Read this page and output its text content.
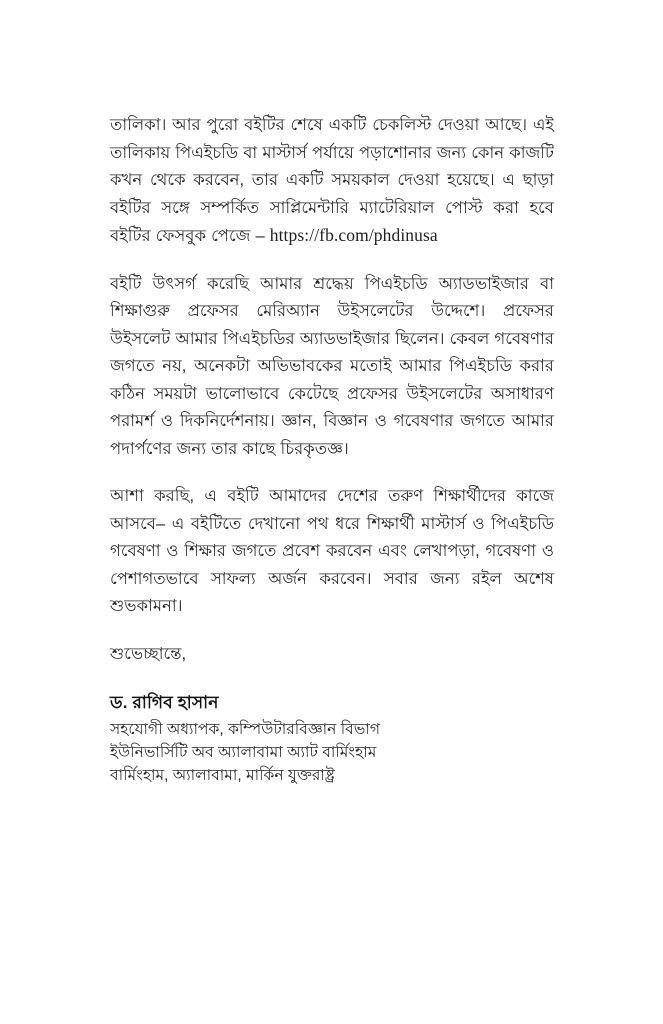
তালিকা। আর পুরো বইটির শেষে একটি চেকলিস্ট দেওয়া আছে। এই তালিকায় পিএইচডি বা মাস্টার্স পর্যায়ে পড়াশোনার জন্য কোন কাজটি কখন থেকে করবেন, তার একটি সময়কাল দেওয়া হয়েছে। এ ছাড়া বইটির সঙ্গে সম্পর্কিত সাপ্লিমেন্টারি ম্যাটেরিয়াল পোস্ট করা হবে বইটির ফেসবুক পেজে – https://fb.com/phdinusa

বইটি উৎসর্গ করেছি আমার শ্রদ্ধেয় পিএইচডি অ্যাডভাইজার বা শিক্ষাগুরু প্রফেসর মেরিঅ্যান উইসলেটের উদ্দেশে। প্রফেসর উইসলেট আমার পিএইচডির অ্যাডভাইজার ছিলেন। কেবল গবেষণার জগতে নয়, অনেকটা অভিভাবকের মতোই আমার পিএইচডি করার কঠিন সময়টা ভালোভাবে কেটেছে প্রফেসর উইসলেটের অসাধারণ পরামর্শ ও দিকনির্দেশনায়। জ্ঞান, বিজ্ঞান ও গবেষণার জগতে আমার পদার্পণের জন্য তার কাছে চিরকৃতজ্ঞ।

আশা করছি, এ বইটি আমাদের দেশের তরুণ শিক্ষার্থীদের কাজে আসবে– এ বইটিতে দেখানো পথ ধরে শিক্ষার্থী মাস্টার্স ও পিএইচডি গবেষণা ও শিক্ষার জগতে প্রবেশ করবেন এবং লেখাপড়া, গবেষণা ও পেশাগতভাবে সাফল্য অর্জন করবেন। সবার জন্য রইল অশেষ শুভকামনা।

শুভেচ্ছান্তে,

ড. রাগিব হাসান
সহযোগী অধ্যাপক, কম্পিউটারবিজ্ঞান বিভাগ
ইউনিভার্সিটি অব অ্যালাবামা অ্যাট বার্মিংহাম
বার্মিংহাম, অ্যালাবামা, মার্কিন যুক্তরাষ্ট্র
